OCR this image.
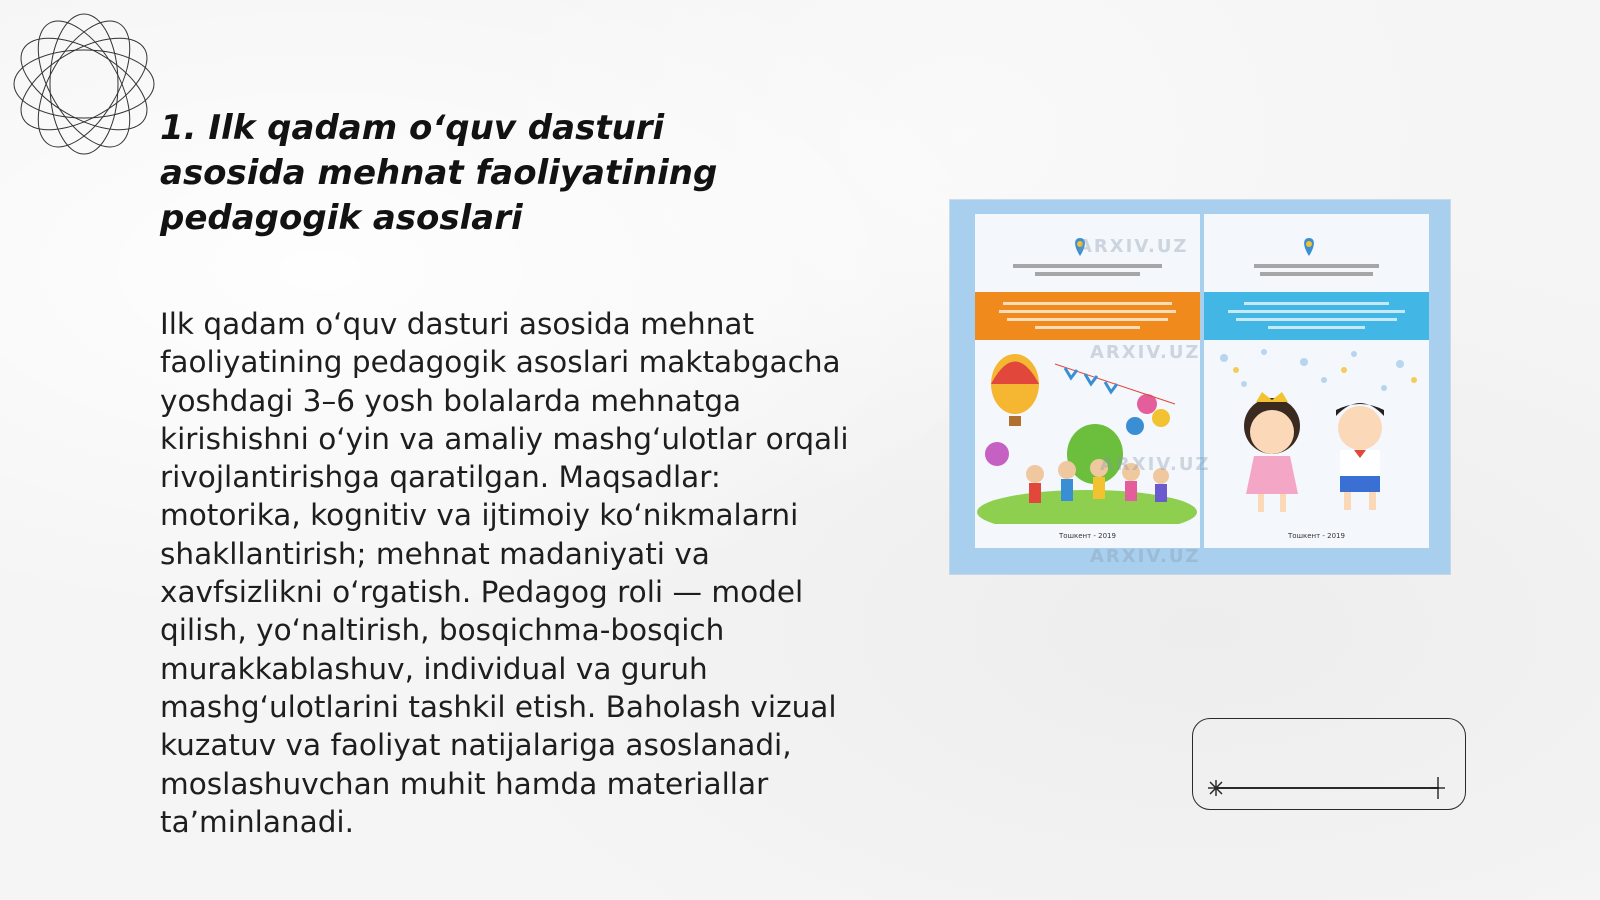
1. Ilk qadam oʻquv dasturi asosida mehnat faoliyatining pedagogik asoslari

Ilk qadam oʻquv dasturi asosida mehnat faoliyatining pedagogik asoslari maktabgacha yoshdagi 3–6 yosh bolalarda mehnatga kirishishni oʻyin va amaliy mashgʻulotlar orqali rivojlantirishga qaratilgan. Maqsadlar: motorika, kognitiv va ijtimoiy koʻnikmalarni shakllantirish; mehnat madaniyati va xavfsizlikni oʻrgatish. Pedagog roli — model qilish, yoʻnaltirish, bosqichma-bosqich murakkablashuv, individual va guruh mashgʻulotlarini tashkil etish. Baholash vizual kuzatuv va faoliyat natijalariga asoslanadi, moslashuvchan muhit hamda materiallar taʼminlanadi.

Тошкент - 2019	Тошкент - 2019
ARXIV.UZ
ARXIV.UZ
ARXIV.UZ
ARXIV.UZ
